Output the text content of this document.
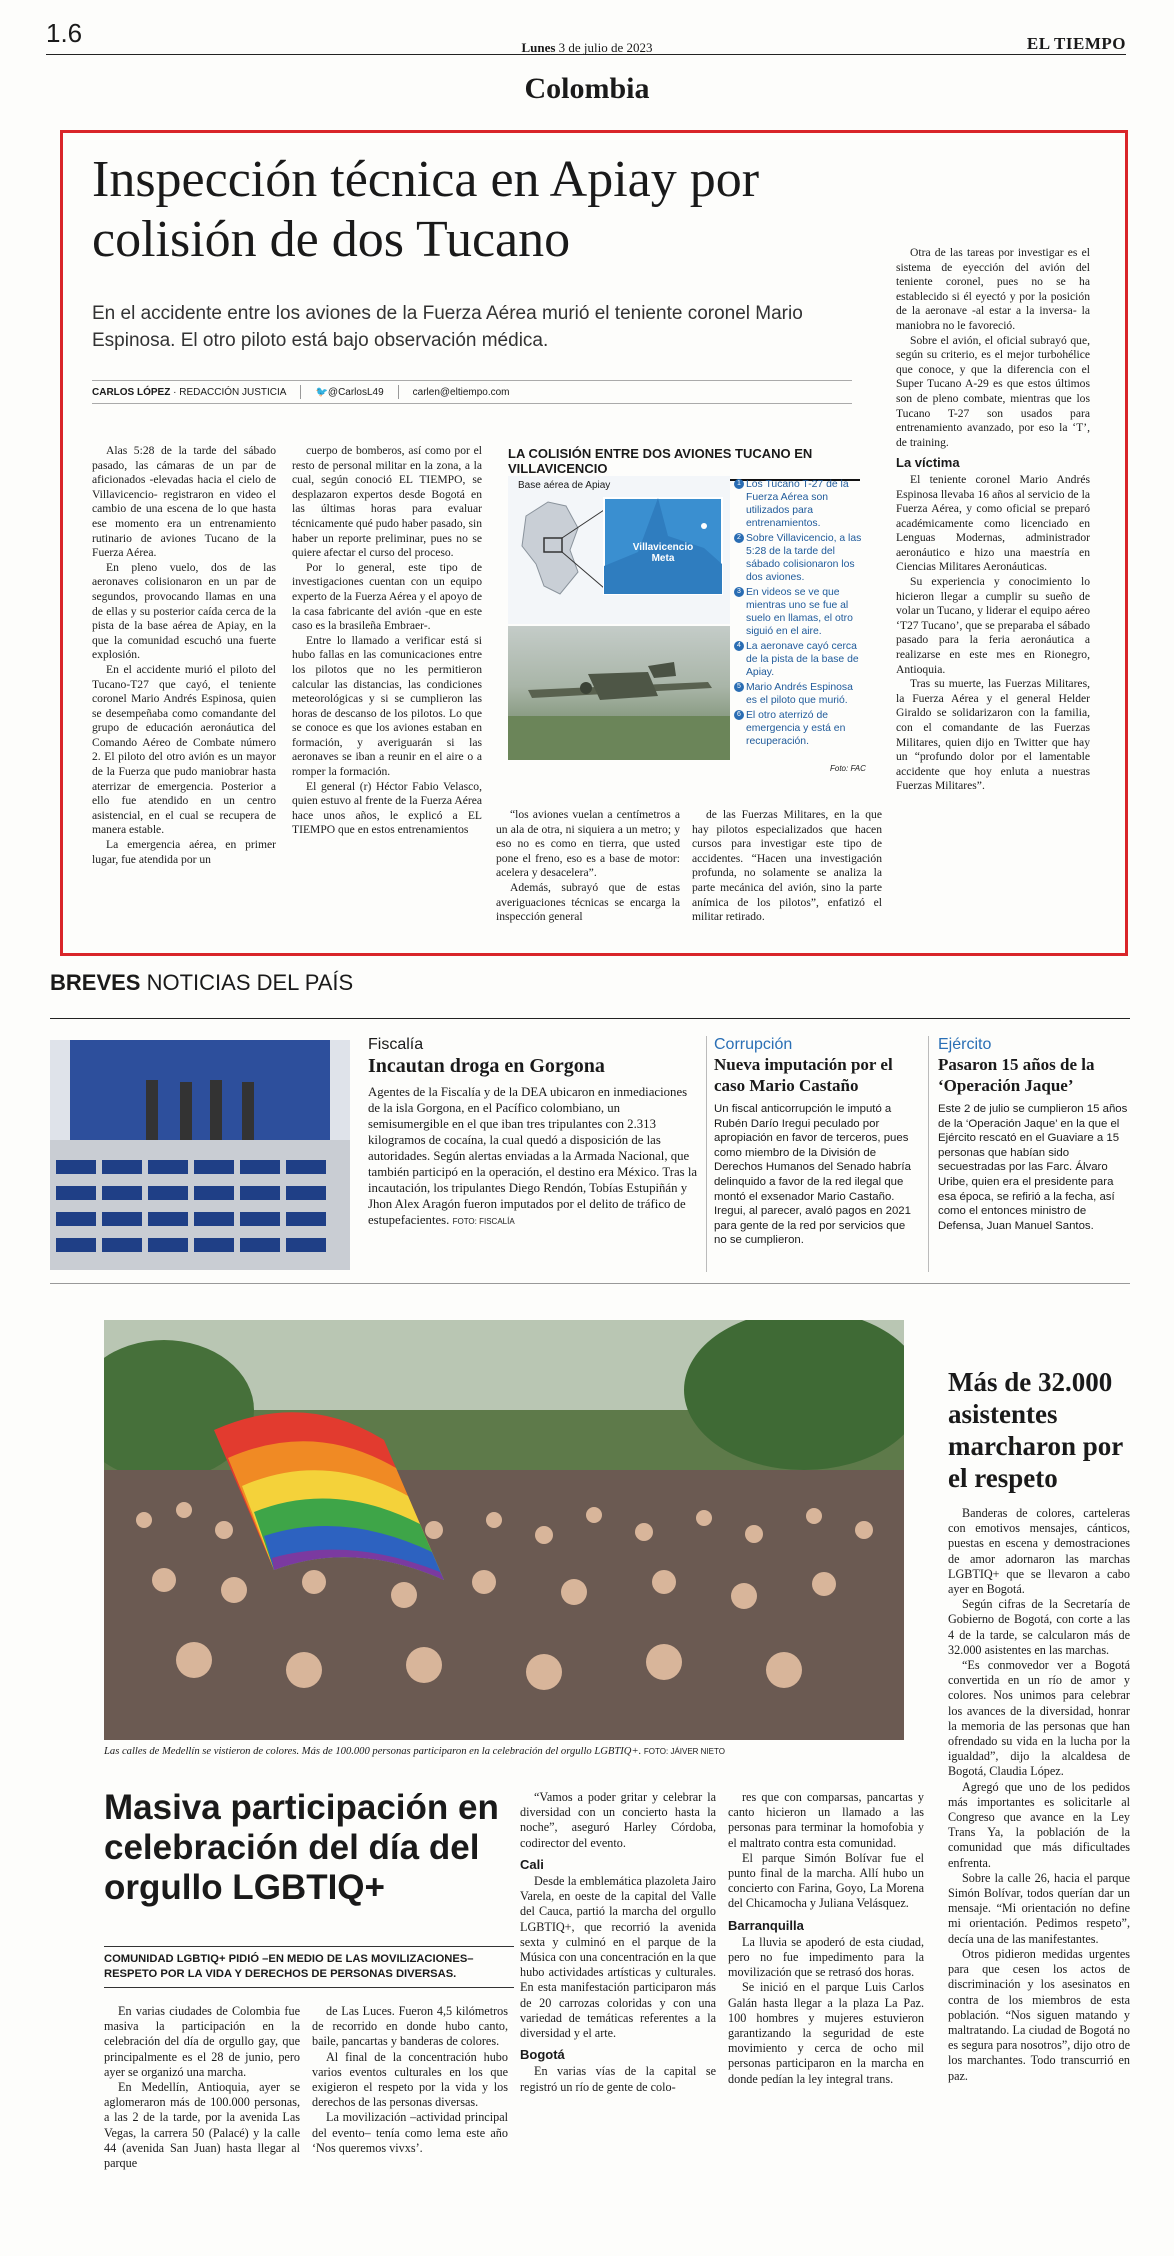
1.6	Lunes 3 de julio de 2023	EL TIEMPO
Colombia
Inspección técnica en Apiay por colisión de dos Tucano
En el accidente entre los aviones de la Fuerza Aérea murió el teniente coronel Mario Espinosa. El otro piloto está bajo observación médica.
CARLOS LÓPEZ · REDACCIÓN JUSTICIA	🐦@CarlosL49	carlen@eltiempo.com

Alas 5:28 de la tarde del sábado pasado, las cámaras de un par de aficionados -elevadas hacia el cielo de Villavicencio- registraron en video el cambio de una escena de lo que hasta ese momento era un entrenamiento rutinario de aviones Tucano de la Fuerza Aérea.

En pleno vuelo, dos de las aeronaves colisionaron en un par de segundos, provocando llamas en una de ellas y su posterior caída cerca de la pista de la base aérea de Apiay, en la que la comunidad escuchó una fuerte explosión.

En el accidente murió el piloto del Tucano-T27 que cayó, el teniente coronel Mario Andrés Espinosa, quien se desempeñaba como comandante del grupo de educación aeronáutica del Comando Aéreo de Combate número 2. El piloto del otro avión es un mayor de la Fuerza que pudo maniobrar hasta aterrizar de emergencia. Posterior a ello fue atendido en un centro asistencial, en el cual se recupera de manera estable.

La emergencia aérea, en primer lugar, fue atendida por un

cuerpo de bomberos, así como por el resto de personal militar en la zona, a la cual, según conoció EL TIEMPO, se desplazaron expertos desde Bogotá en las últimas horas para evaluar técnicamente qué pudo haber pasado, sin haber un reporte preliminar, pues no se quiere afectar el curso del proceso.

Por lo general, este tipo de investigaciones cuentan con un equipo experto de la Fuerza Aérea y el apoyo de la casa fabricante del avión -que en este caso es la brasileña Embraer-.

Entre lo llamado a verificar está si hubo fallas en las comunicaciones entre los pilotos que no les permitieron calcular las distancias, las condiciones meteorológicas y si se cumplieron las horas de descanso de los pilotos. Lo que se conoce es que los aviones estaban en formación, y averiguarán si las aeronaves se iban a reunir en el aire o a romper la formación.

El general (r) Héctor Fabio Velasco, quien estuvo al frente de la Fuerza Aérea hace unos años, le explicó a EL TIEMPO que en estos entrenamientos

LA COLISIÓN ENTRE DOS AVIONES TUCANO EN VILLAVICENCIO
Base aérea de Apiay
Villavicencio Meta
1 Los Tucano T-27 de la Fuerza Aérea son utilizados para entrenamientos.
2 Sobre Villavicencio, a las 5:28 de la tarde del sábado colisionaron los dos aviones.
3 En videos se ve que mientras uno se fue al suelo en llamas, el otro siguió en el aire.
4 La aeronave cayó cerca de la pista de la base de Apiay.
5 Mario Andrés Espinosa es el piloto que murió.
6 El otro aterrizó de emergencia y está en recuperación.
Foto: FAC

“los aviones vuelan a centímetros a un ala de otra, ni siquiera a un metro; y eso no es como en tierra, que usted pone el freno, eso es a base de motor: acelera y desacelera”.

Además, subrayó que de estas averiguaciones técnicas se encarga la inspección general

de las Fuerzas Militares, en la que hay pilotos especializados que hacen cursos para investigar este tipo de accidentes. “Hacen una investigación profunda, no solamente se analiza la parte mecánica del avión, sino la parte anímica de los pilotos”, enfatizó el militar retirado.

Otra de las tareas por investigar es el sistema de eyección del avión del teniente coronel, pues no se ha establecido si él eyectó y por la posición de la aeronave -al estar a la inversa- la maniobra no le favoreció.

Sobre el avión, el oficial subrayó que, según su criterio, es el mejor turbohélice que conoce, y que la diferencia con el Super Tucano A-29 es que estos últimos son de pleno combate, mientras que los Tucano T-27 son usados para entrenamiento avanzado, por eso la ‘T’, de training.

La víctima

El teniente coronel Mario Andrés Espinosa llevaba 16 años al servicio de la Fuerza Aérea, y como oficial se preparó académicamente como licenciado en Lenguas Modernas, administrador aeronáutico e hizo una maestría en Ciencias Militares Aeronáuticas.

Su experiencia y conocimiento lo hicieron llegar a cumplir su sueño de volar un Tucano, y liderar el equipo aéreo ‘T27 Tucano’, que se preparaba el sábado pasado para la feria aeronáutica a realizarse en este mes en Rionegro, Antioquia.

Tras su muerte, las Fuerzas Militares, la Fuerza Aérea y el general Helder Giraldo se solidarizaron con la familia, con el comandante de las Fuerzas Militares, quien dijo en Twitter que hay un “profundo dolor por el lamentable accidente que hoy enluta a nuestras Fuerzas Militares”.

BREVES NOTICIAS DEL PAÍS
Fiscalía
Incautan droga en Gorgona
Agentes de la Fiscalía y de la DEA ubicaron en inmediaciones de la isla Gorgona, en el Pacífico colombiano, un semisumergible en el que iban tres tripulantes con 2.313 kilogramos de cocaína, la cual quedó a disposición de las autoridades. Según alertas enviadas a la Armada Nacional, que también participó en la operación, el destino era México. Tras la incautación, los tripulantes Diego Rendón, Tobías Estupiñán y Jhon Alex Aragón fueron imputados por el delito de tráfico de estupefacientes. FOTO: FISCALÍA
Corrupción
Nueva imputación por el caso Mario Castaño
Un fiscal anticorrupción le imputó a Rubén Darío Iregui peculado por apropiación en favor de terceros, pues como miembro de la División de Derechos Humanos del Senado habría delinquido a favor de la red ilegal que montó el exsenador Mario Castaño. Iregui, al parecer, avaló pagos en 2021 para gente de la red por servicios que no se cumplieron.
Ejército
Pasaron 15 años de la ‘Operación Jaque’
Este 2 de julio se cumplieron 15 años de la ‘Operación Jaque’ en la que el Ejército rescató en el Guaviare a 15 personas que habían sido secuestradas por las Farc. Álvaro Uribe, quien era el presidente para esa época, se refirió a la fecha, así como el entonces ministro de Defensa, Juan Manuel Santos.
Las calles de Medellín se vistieron de colores. Más de 100.000 personas participaron en la celebración del orgullo LGBTIQ+. FOTO: JÁIVER NIETO
Más de 32.000 asistentes marcharon por el respeto

Banderas de colores, carteleras con emotivos mensajes, cánticos, puestas en escena y demostraciones de amor adornaron las marchas LGBTIQ+ que se llevaron a cabo ayer en Bogotá.

Según cifras de la Secretaría de Gobierno de Bogotá, con corte a las 4 de la tarde, se calcularon más de 32.000 asistentes en las marchas.

“Es conmovedor ver a Bogotá convertida en un río de amor y colores. Nos unimos para celebrar los avances de la diversidad, honrar la memoria de las personas que han ofrendado su vida en la lucha por la igualdad”, dijo la alcaldesa de Bogotá, Claudia López.

Agregó que uno de los pedidos más importantes es solicitarle al Congreso que avance en la Ley Trans Ya, la población de la comunidad que más dificultades enfrenta.

Sobre la calle 26, hacia el parque Simón Bolívar, todos querían dar un mensaje. “Mi orientación no define mi orientación. Pedimos respeto”, decía una de las manifestantes.

Otros pidieron medidas urgentes para que cesen los actos de discriminación y los asesinatos en contra de los miembros de esta población. “Nos siguen matando y maltratando. La ciudad de Bogotá no es segura para nosotros”, dijo otro de los marchantes. Todo transcurrió en paz.

Masiva participación en celebración del día del orgullo LGBTIQ+
COMUNIDAD LGBTIQ+ PIDIÓ –EN MEDIO DE LAS MOVILIZACIONES– RESPETO POR LA VIDA Y DERECHOS DE PERSONAS DIVERSAS.

En varias ciudades de Colombia fue masiva la participación en la celebración del día de orgullo gay, que principalmente es el 28 de junio, pero ayer se organizó una marcha.

En Medellín, Antioquia, ayer se aglomeraron más de 100.000 personas, a las 2 de la tarde, por la avenida Las Vegas, la carrera 50 (Palacé) y la calle 44 (avenida San Juan) hasta llegar al parque

de Las Luces. Fueron 4,5 kilómetros de recorrido en donde hubo canto, baile, pancartas y banderas de colores.

Al final de la concentración hubo varios eventos culturales en los que exigieron el respeto por la vida y los derechos de las personas diversas.

La movilización –actividad principal del evento– tenía como lema este año ‘Nos queremos vivxs’.

“Vamos a poder gritar y celebrar la diversidad con un concierto hasta la noche”, aseguró Harley Córdoba, codirector del evento.

Cali

Desde la emblemática plazoleta Jairo Varela, en oeste de la capital del Valle del Cauca, partió la marcha del orgullo LGBTIQ+, que recorrió la avenida sexta y culminó en el parque de la Música con una concentración en la que hubo actividades artísticas y culturales. En esta manifestación participaron más de 20 carrozas coloridas y con una variedad de temáticas referentes a la diversidad y el arte.

Bogotá

En varias vías de la capital se registró un río de gente de colo-

res que con comparsas, pancartas y canto hicieron un llamado a las personas para terminar la homofobia y el maltrato contra esta comunidad.

El parque Simón Bolívar fue el punto final de la marcha. Allí hubo un concierto con Farina, Goyo, La Morena del Chicamocha y Juliana Velásquez.

Barranquilla

La lluvia se apoderó de esta ciudad, pero no fue impedimento para la movilización que se retrasó dos horas.

Se inició en el parque Luis Carlos Galán hasta llegar a la plaza La Paz. 100 hombres y mujeres estuvieron garantizando la seguridad de este movimiento y cerca de ocho mil personas participaron en la marcha en donde pedían la ley integral trans.
